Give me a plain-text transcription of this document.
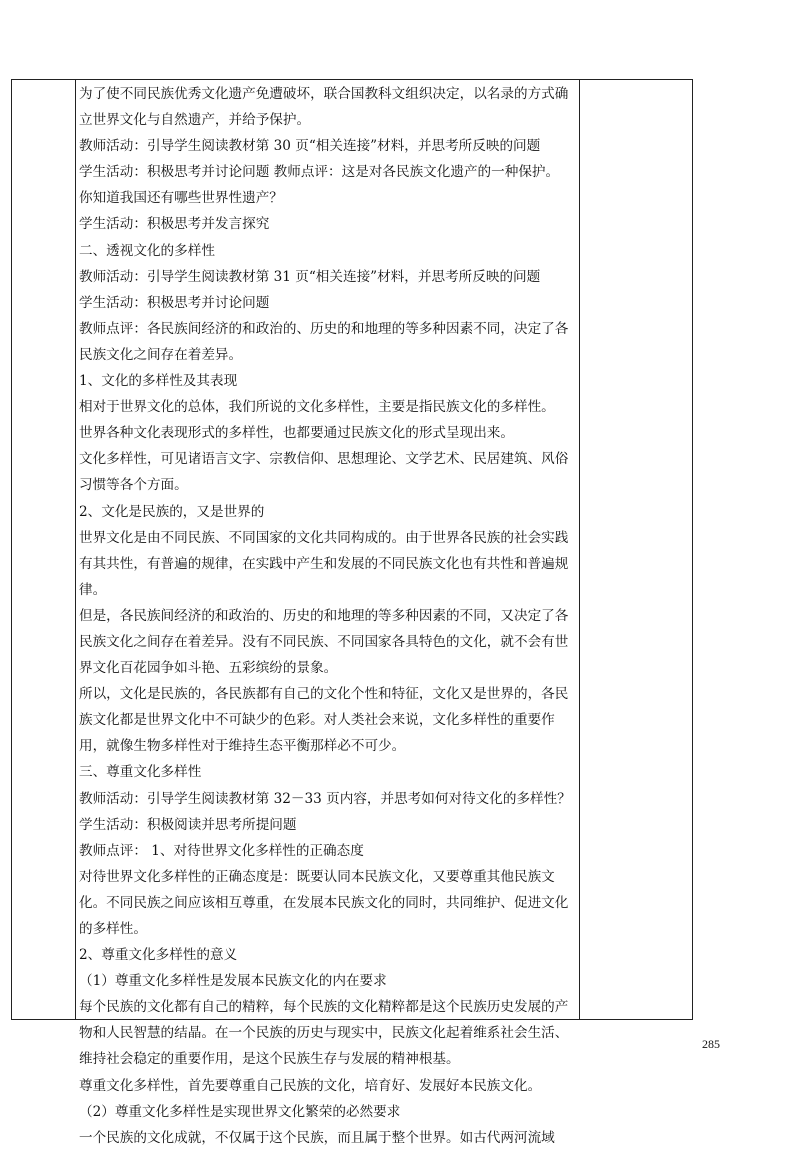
为了使不同民族优秀文化遗产免遭破坏，联合国教科文组织决定，以名录的方式确立世界文化与自然遗产，并给予保护。

教师活动：引导学生阅读教材第 30 页“相关连接”材料，并思考所反映的问题

学生活动：积极思考并讨论问题 教师点评：这是对各民族文化遗产的一种保护。

你知道我国还有哪些世界性遗产？

学生活动：积极思考并发言探究

二、透视文化的多样性

教师活动：引导学生阅读教材第 31 页“相关连接”材料，并思考所反映的问题

学生活动：积极思考并讨论问题

教师点评：各民族间经济的和政治的、历史的和地理的等多种因素不同，决定了各民族文化之间存在着差异。

1、文化的多样性及其表现

相对于世界文化的总体，我们所说的文化多样性，主要是指民族文化的多样性。

世界各种文化表现形式的多样性，也都要通过民族文化的形式呈现出来。

文化多样性，可见诸语言文字、宗教信仰、思想理论、文学艺术、民居建筑、风俗习惯等各个方面。

2、文化是民族的，又是世界的

世界文化是由不同民族、不同国家的文化共同构成的。由于世界各民族的社会实践有其共性，有普遍的规律，在实践中产生和发展的不同民族文化也有共性和普遍规律。

但是，各民族间经济的和政治的、历史的和地理的等多种因素的不同，又决定了各民族文化之间存在着差异。没有不同民族、不同国家各具特色的文化，就不会有世界文化百花园争如斗艳、五彩缤纷的景象。

所以，文化是民族的，各民族都有自己的文化个性和特征，文化又是世界的，各民族文化都是世界文化中不可缺少的色彩。对人类社会来说，文化多样性的重要作用，就像生物多样性对于维持生态平衡那样必不可少。

三、尊重文化多样性

教师活动：引导学生阅读教材第 32－33 页内容，并思考如何对待文化的多样性？

学生活动：积极阅读并思考所提问题

教师点评： 1、对待世界文化多样性的正确态度

对待世界文化多样性的正确态度是：既要认同本民族文化，又要尊重其他民族文化。不同民族之间应该相互尊重，在发展本民族文化的同时，共同维护、促进文化的多样性。

2、尊重文化多样性的意义

（1）尊重文化多样性是发展本民族文化的内在要求

每个民族的文化都有自己的精粹，每个民族的文化精粹都是这个民族历史发展的产物和人民智慧的结晶。在一个民族的历史与现实中，民族文化起着维系社会生活、维持社会稳定的重要作用，是这个民族生存与发展的精神根基。

尊重文化多样性，首先要尊重自己民族的文化，培育好、发展好本民族文化。

（2）尊重文化多样性是实现世界文化繁荣的必然要求

一个民族的文化成就，不仅属于这个民族，而且属于整个世界。如古代两河流域

285
